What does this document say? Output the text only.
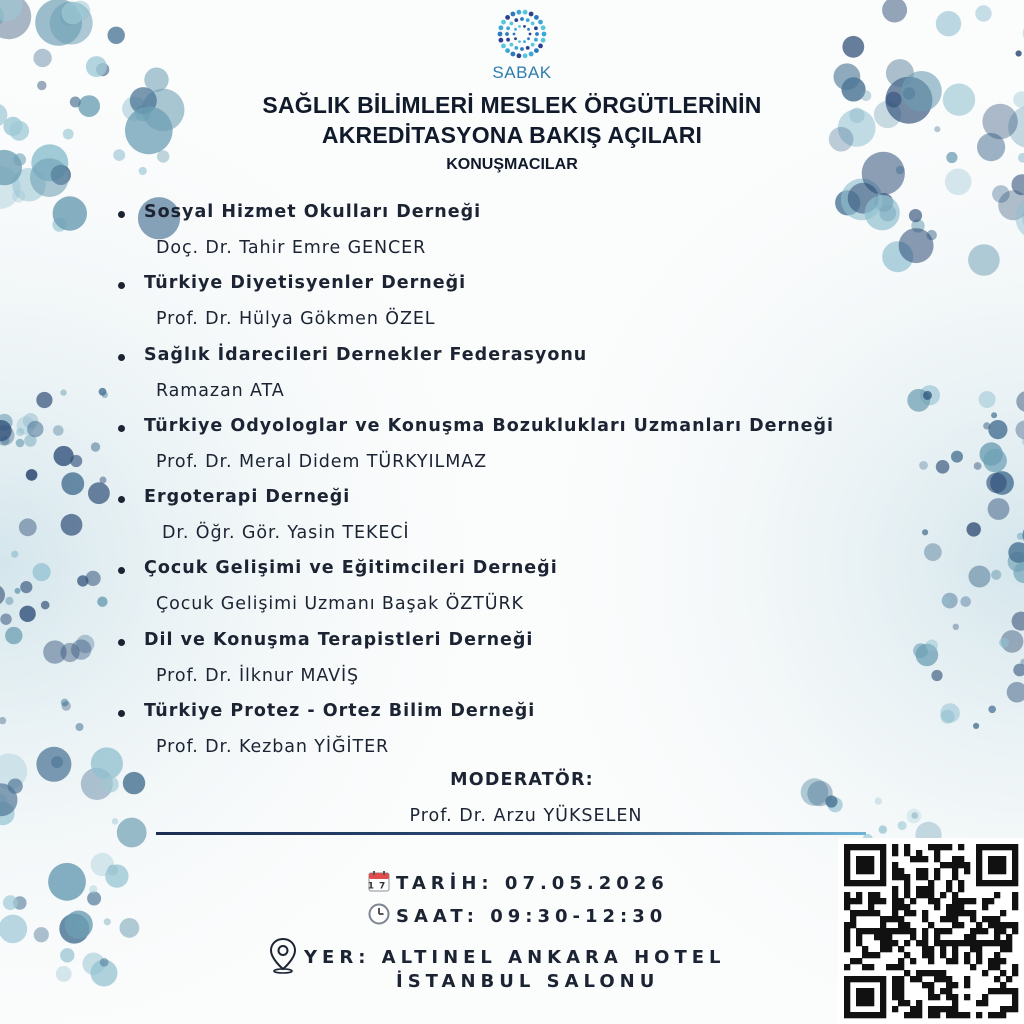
SABAK
SAĞLIK BİLİMLERİ MESLEK ÖRGÜTLERİNİN
AKREDİTASYONA BAKIŞ AÇILARI
KONUŞMACILAR
Sosyal Hizmet Okulları Derneği
Doç. Dr. Tahir Emre GENCER
Türkiye Diyetisyenler Derneği
Prof. Dr. Hülya Gökmen ÖZEL
Sağlık İdarecileri Dernekler Federasyonu
Ramazan ATA
Türkiye Odyologlar ve Konuşma Bozuklukları Uzmanları Derneği
Prof. Dr. Meral Didem TÜRKYILMAZ
Ergoterapi Derneği
Dr. Öğr. Gör. Yasin TEKECİ
Çocuk Gelişimi ve Eğitimcileri Derneği
Çocuk Gelişimi Uzmanı Başak ÖZTÜRK
Dil ve Konuşma Terapistleri Derneği
Prof. Dr. İlknur MAVİŞ
Türkiye Protez - Ortez Bilim Derneği
Prof. Dr. Kezban YİĞİTER
MODERATÖR:
Prof. Dr. Arzu YÜKSELEN
17 TARİH: 07.05.2026
SAAT: 09:30-12:30
YER: ALTINEL ANKARA HOTEL
İSTANBUL SALONU
